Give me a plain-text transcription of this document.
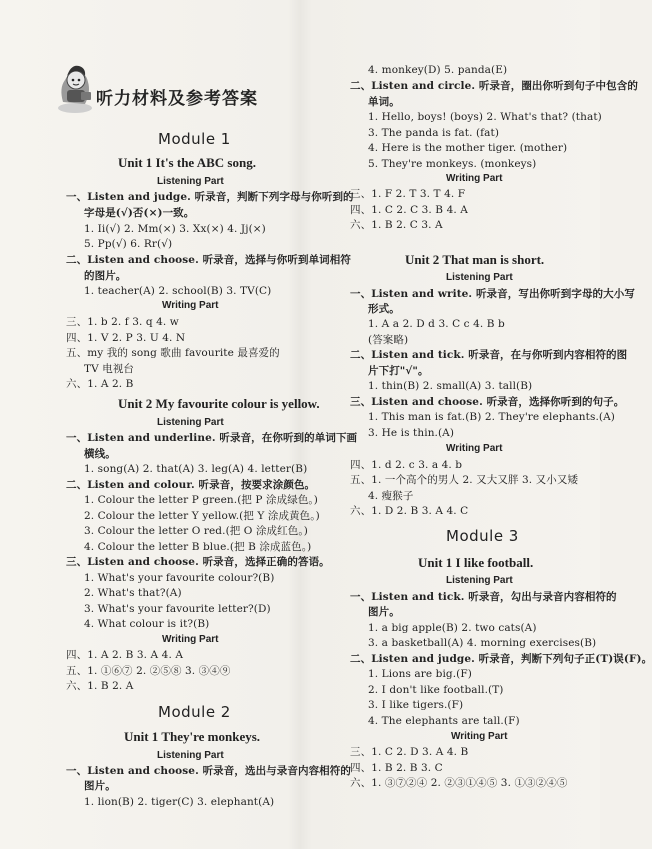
听力材料及参考答案
Module 1
Unit 1 It's the ABC song.
Listening Part
一、Listen and judge. 听录音，判断下列字母与你听到的
字母是(√)否(×)一致。
1. Ii(√) 2. Mm(×) 3. Xx(×) 4. Jj(×)
5. Pp(√) 6. Rr(√)
二、Listen and choose. 听录音，选择与你听到单词相符
的图片。
1. teacher(A) 2. school(B) 3. TV(C)
Writing Part
三、1. b 2. f 3. q 4. w
四、1. V 2. P 3. U 4. N
五、my 我的 song 歌曲 favourite 最喜爱的
TV 电视台
六、1. A 2. B
Unit 2 My favourite colour is yellow.
Listening Part
一、Listen and underline. 听录音，在你听到的单词下画
横线。
1. song(A) 2. that(A) 3. leg(A) 4. letter(B)
二、Listen and colour. 听录音，按要求涂颜色。
1. Colour the letter P green.(把 P 涂成绿色。)
2. Colour the letter Y yellow.(把 Y 涂成黄色。)
3. Colour the letter O red.(把 O 涂成红色。)
4. Colour the letter B blue.(把 B 涂成蓝色。)
三、Listen and choose. 听录音，选择正确的答语。
1. What's your favourite colour?(B)
2. What's that?(A)
3. What's your favourite letter?(D)
4. What colour is it?(B)
Writing Part
四、1. A 2. B 3. A 4. A
五、1. ①⑥⑦ 2. ②⑤⑧ 3. ③④⑨
六、1. B 2. A
Module 2
Unit 1 They're monkeys.
Listening Part
一、Listen and choose. 听录音，选出与录音内容相符的
图片。
1. lion(B) 2. tiger(C) 3. elephant(A)
4. monkey(D) 5. panda(E)
二、Listen and circle. 听录音，圈出你听到句子中包含的
单词。
1. Hello, boys! (boys) 2. What's that? (that)
3. The panda is fat. (fat)
4. Here is the mother tiger. (mother)
5. They're monkeys. (monkeys)
Writing Part
三、1. F 2. T 3. T 4. F
四、1. C 2. C 3. B 4. A
六、1. B 2. C 3. A
Unit 2 That man is short.
Listening Part
一、Listen and write. 听录音，写出你听到字母的大小写
形式。
1. A a 2. D d 3. C c 4. B b
(答案略)
二、Listen and tick. 听录音，在与你听到内容相符的图
片下打"√"。
1. thin(B) 2. small(A) 3. tall(B)
三、Listen and choose. 听录音，选择你听到的句子。
1. This man is fat.(B) 2. They're elephants.(A)
3. He is thin.(A)
Writing Part
四、1. d 2. c 3. a 4. b
五、1. 一个高个的男人 2. 又大又胖 3. 又小又矮
4. 瘦猴子
六、1. D 2. B 3. A 4. C
Module 3
Unit 1 I like football.
Listening Part
一、Listen and tick. 听录音，勾出与录音内容相符的
图片。
1. a big apple(B) 2. two cats(A)
3. a basketball(A) 4. morning exercises(B)
二、Listen and judge. 听录音，判断下列句子正(T)误(F)。
1. Lions are big.(F)
2. I don't like football.(T)
3. I like tigers.(F)
4. The elephants are tall.(F)
Writing Part
三、1. C 2. D 3. A 4. B
四、1. B 2. B 3. C
六、1. ③⑦②④ 2. ②③①④⑤ 3. ①③②④⑤
